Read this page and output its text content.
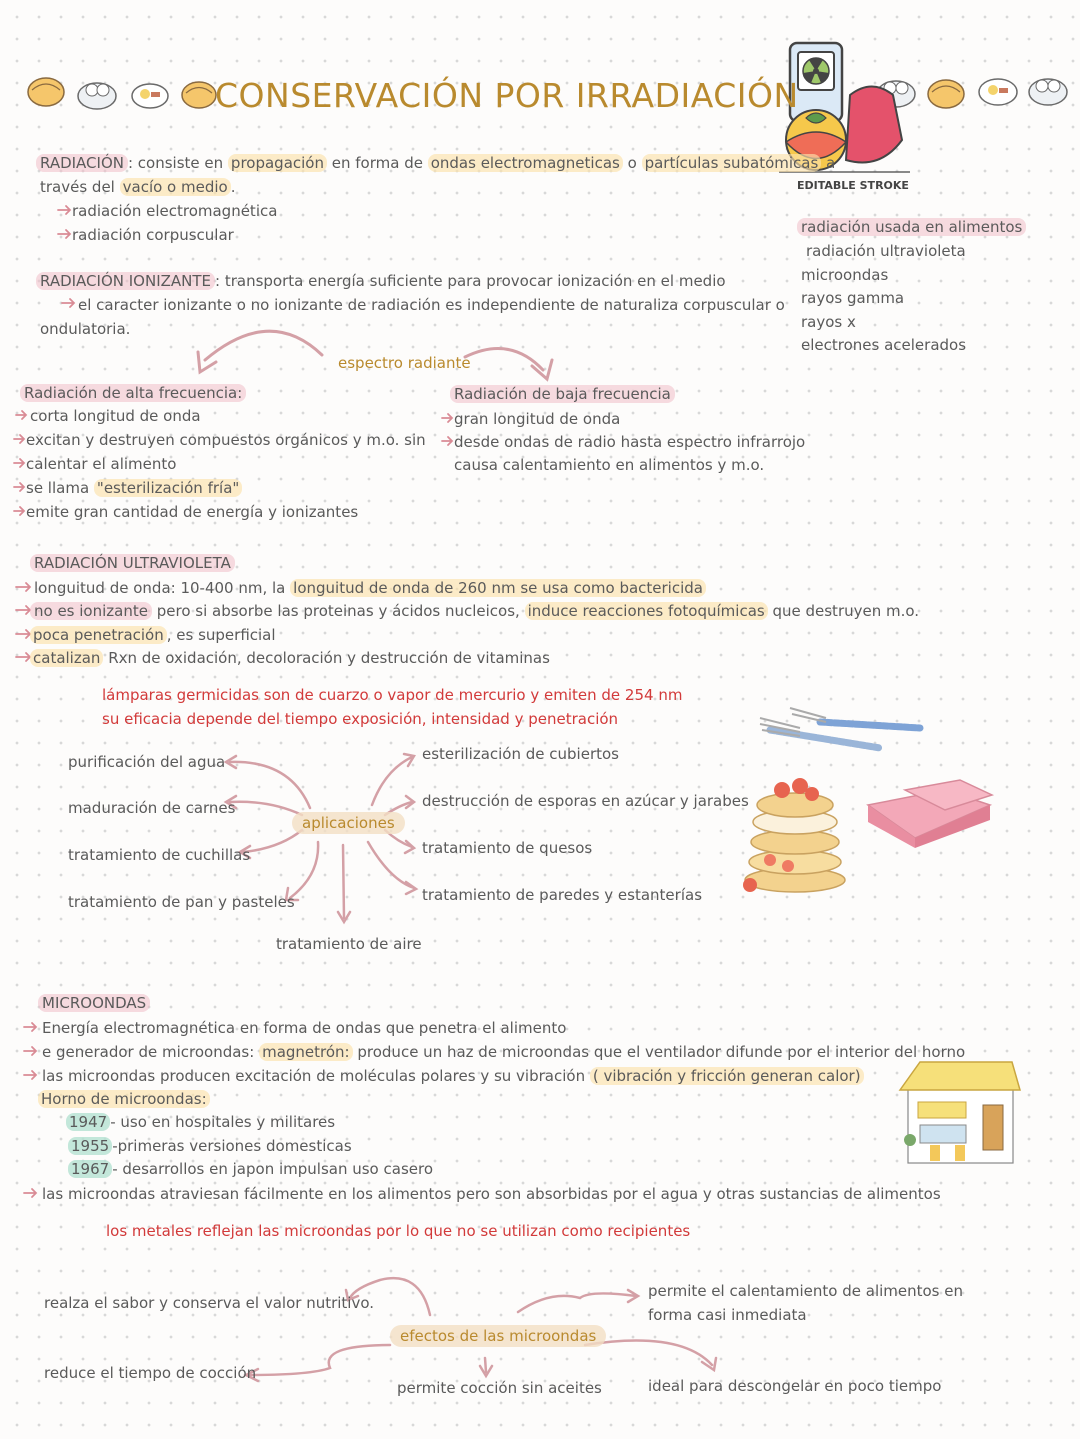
CONSERVACIÓN POR IRRADIACIÓN
EDITABLE STROKE
RADIACIÓN : consiste en propagación en forma de ondas electromagneticas o partículas subatómicas a
través del vacío o medio .
radiación electromagnética
radiación corpuscular
RADIACIÓN IONIZANTE : transporta energía suficiente para provocar ionización en el medio
el caracter ionizante o no ionizante de radiación es independiente de naturaliza corpuscular o
ondulatoria.
radiación usada en alimentos
radiación ultravioleta
microondas
rayos gamma
rayos x
electrones acelerados
espectro radiante
Radiación de alta frecuencia:
corta longitud de onda
excitan y destruyen compuestos orgánicos y m.o. sin
calentar el alimento
se llama "esterilización fría"
emite gran cantidad de energía y ionizantes
Radiación de baja frecuencia
gran longitud de onda
desde ondas de radio hasta espectro infrarrojo
causa calentamiento en alimentos y m.o.
RADIACIÓN ULTRAVIOLETA
longuitud de onda: 10-400 nm, la longuitud de onda de 260 nm se usa como bactericida
no es ionizante pero si absorbe las proteinas y ácidos nucleicos, induce reacciones fotoquímicas que destruyen m.o.
poca penetración , es superficial
catalizan Rxn de oxidación, decoloración y destrucción de vitaminas
lámparas germicidas son de cuarzo o vapor de mercurio y emiten de 254 nm
su eficacia depende del tiempo exposición, intensidad y penetración
aplicaciones
purificación del agua
maduración de carnes
tratamiento de cuchillas
tratamiento de pan y pasteles
tratamiento de aire
esterilización de cubiertos
destrucción de esporas en azúcar y jarabes
tratamiento de quesos
tratamiento de paredes y estanterías
MICROONDAS
Energía electromagnética en forma de ondas que penetra el alimento
e generador de microondas: magnetrón: produce un haz de microondas que el ventilador difunde por el interior del horno
las microondas producen excitación de moléculas polares y su vibración ( vibración y fricción generan calor)
Horno de microondas:
1947 - uso en hospitales y militares
1955 -primeras versiones domesticas
1967 - desarrollos en japon impulsan uso casero
las microondas atraviesan fácilmente en los alimentos pero son absorbidas por el agua y otras sustancias de alimentos
los metales reflejan las microondas por lo que no se utilizan como recipientes
efectos de las microondas
realza el sabor y conserva el valor nutritivo.
reduce el tiempo de cocción
permite cocción sin aceites
permite el calentamiento de alimentos en
forma casi inmediata
ideal para descongelar en poco tiempo
